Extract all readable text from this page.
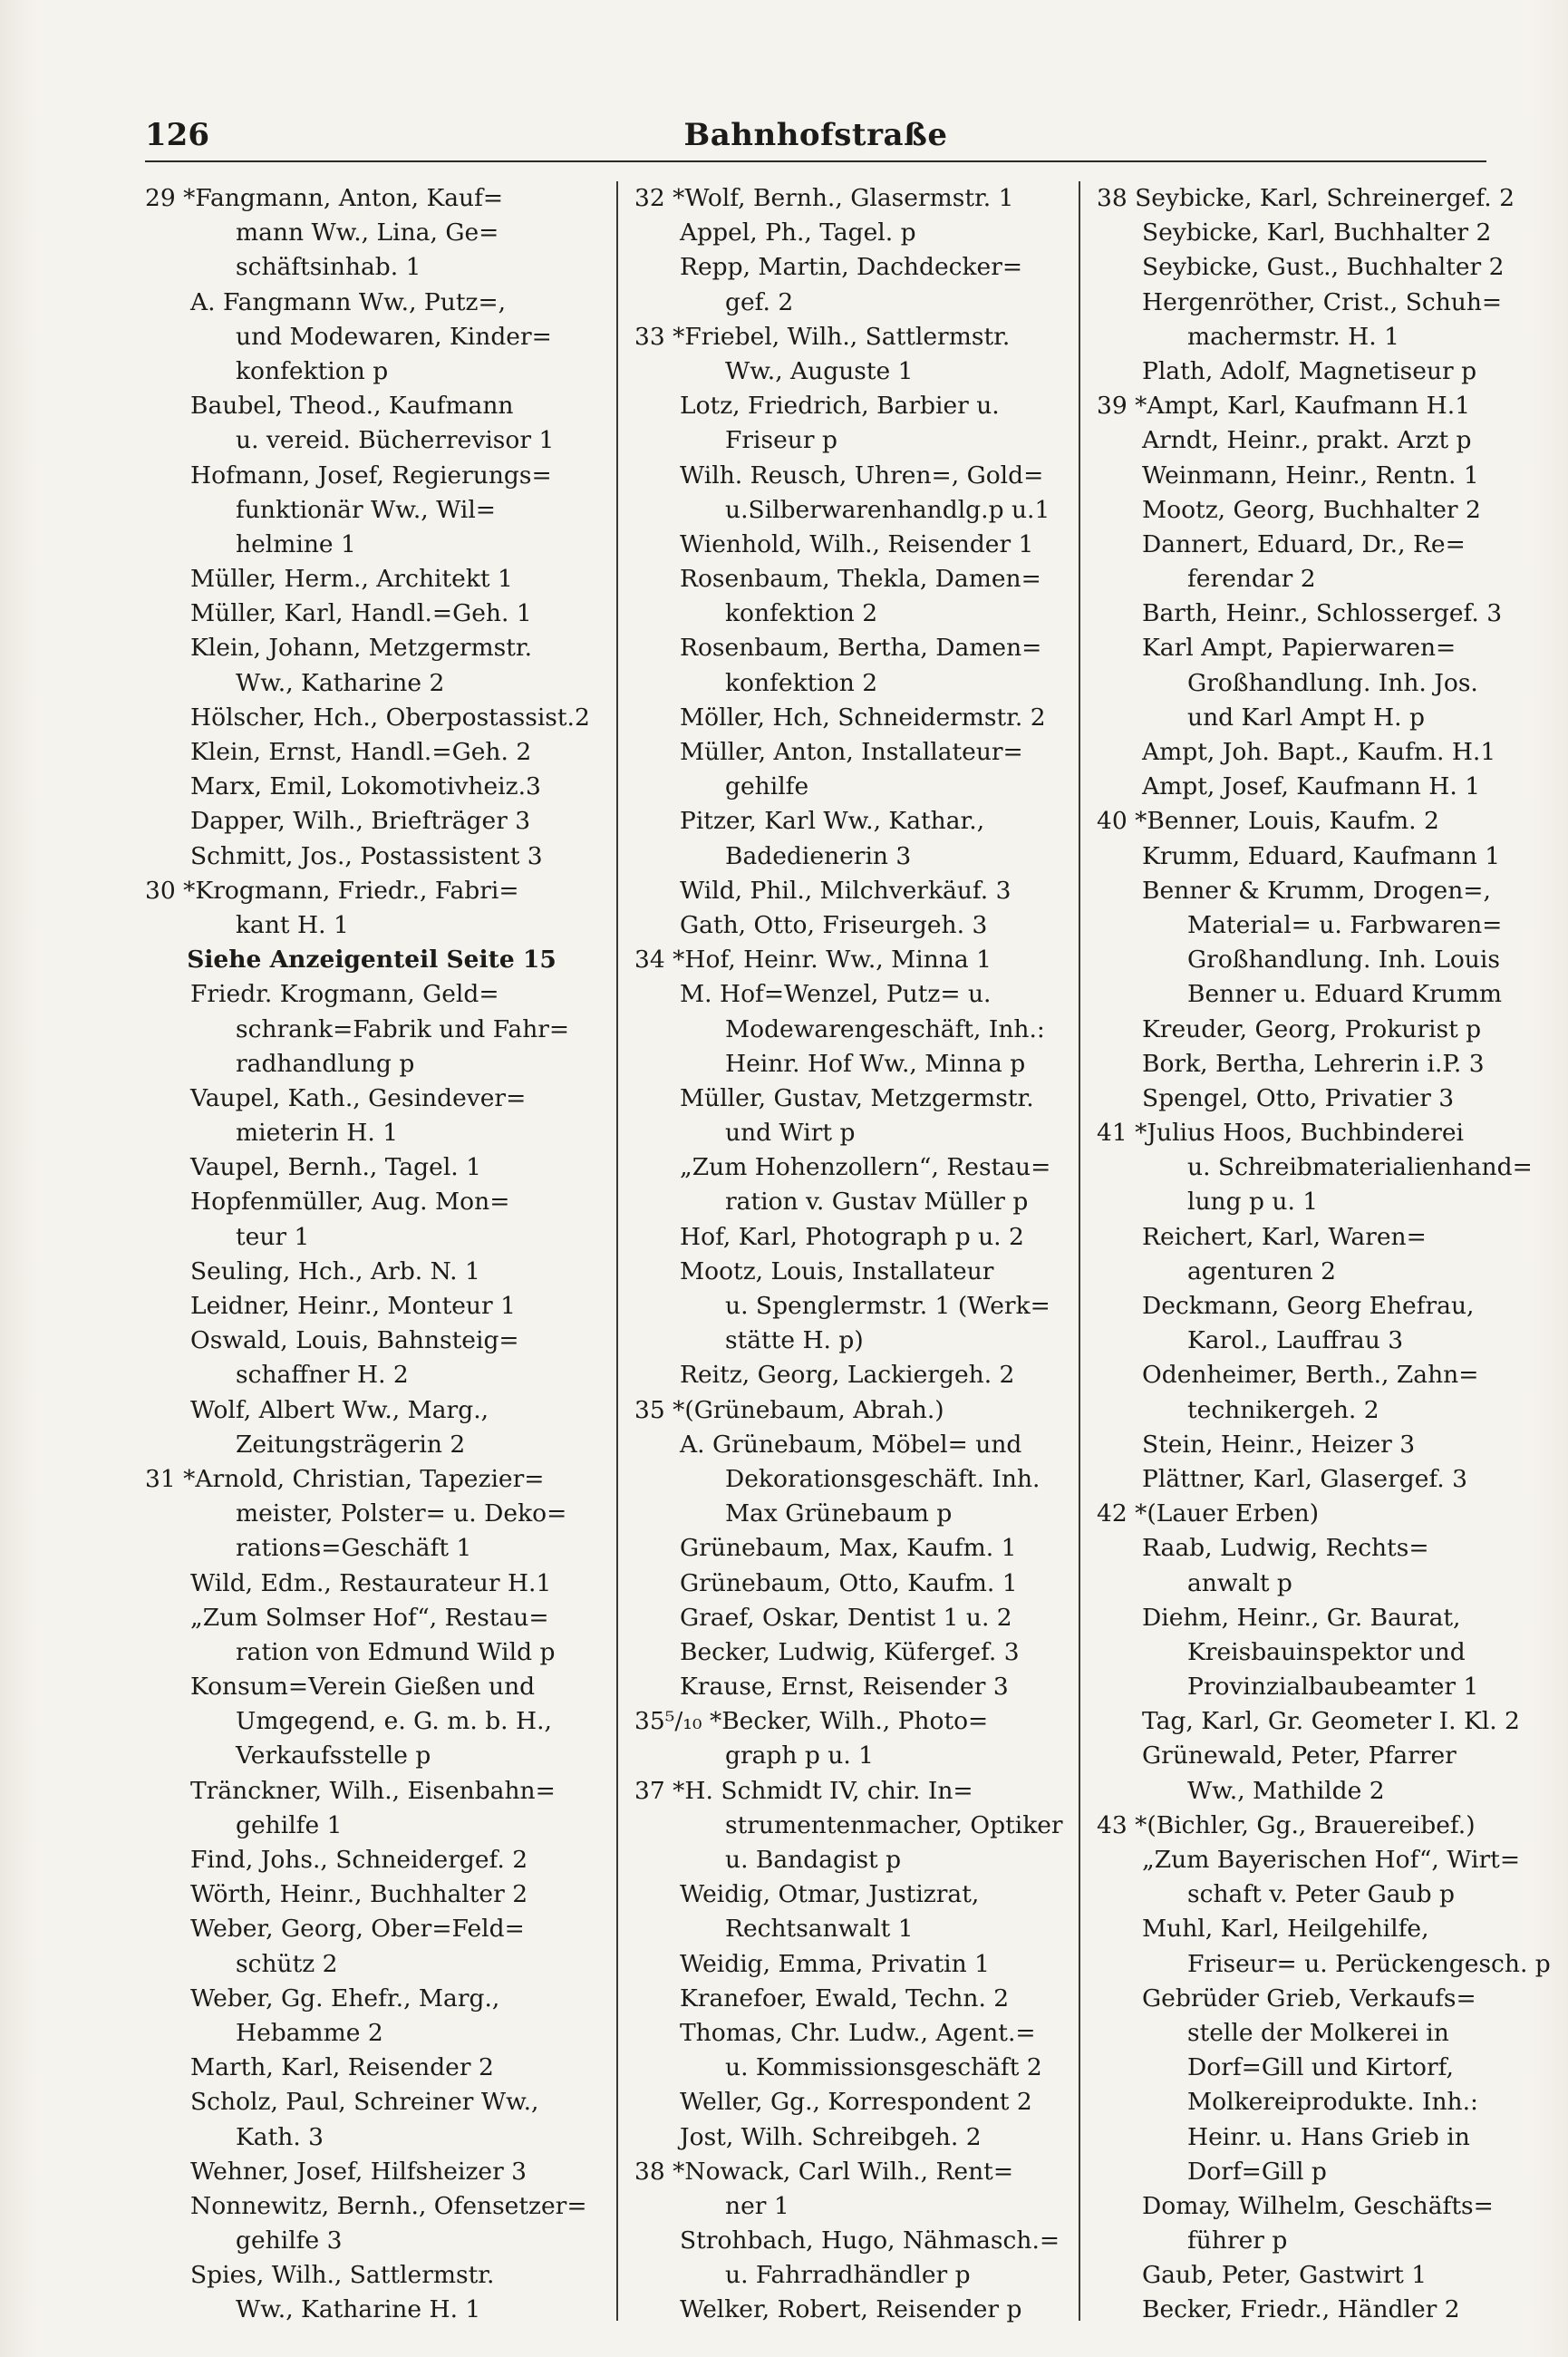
126	Bahnhofstraße
29 *Fangmann, Anton, Kauf=
mann Ww., Lina, Ge=
schäftsinhab. 1
A. Fangmann Ww., Putz=,
und Modewaren, Kinder=
konfektion p
Baubel, Theod., Kaufmann
u. vereid. Bücherrevisor 1
Hofmann, Josef, Regierungs=
funktionär Ww., Wil=
helmine 1
Müller, Herm., Architekt 1
Müller, Karl, Handl.=Geh. 1
Klein, Johann, Metzgermstr.
Ww., Katharine 2
Hölscher, Hch., Oberpostassist.2
Klein, Ernst, Handl.=Geh. 2
Marx, Emil, Lokomotivheiz.3
Dapper, Wilh., Briefträger 3
Schmitt, Jos., Postassistent 3
30 *Krogmann, Friedr., Fabri=
kant H. 1
Siehe Anzeigenteil Seite 15
Friedr. Krogmann, Geld=
schrank=Fabrik und Fahr=
radhandlung p
Vaupel, Kath., Gesindever=
mieterin H. 1
Vaupel, Bernh., Tagel. 1
Hopfenmüller, Aug. Mon=
teur 1
Seuling, Hch., Arb. N. 1
Leidner, Heinr., Monteur 1
Oswald, Louis, Bahnsteig=
schaffner H. 2
Wolf, Albert Ww., Marg.,
Zeitungsträgerin 2
31 *Arnold, Christian, Tapezier=
meister, Polster= u. Deko=
rations=Geschäft 1
Wild, Edm., Restaurateur H.1
„Zum Solmser Hof“, Restau=
ration von Edmund Wild p
Konsum=Verein Gießen und
Umgegend, e. G. m. b. H.,
Verkaufsstelle p
Tränckner, Wilh., Eisenbahn=
gehilfe 1
Find, Johs., Schneidergef. 2
Wörth, Heinr., Buchhalter 2
Weber, Georg, Ober=Feld=
schütz 2
Weber, Gg. Ehefr., Marg.,
Hebamme 2
Marth, Karl, Reisender 2
Scholz, Paul, Schreiner Ww.,
Kath. 3
Wehner, Josef, Hilfsheizer 3
Nonnewitz, Bernh., Ofensetzer=
gehilfe 3
Spies, Wilh., Sattlermstr.
Ww., Katharine H. 1
32 *Wolf, Bernh., Glasermstr. 1
Appel, Ph., Tagel. p
Repp, Martin, Dachdecker=
gef. 2
33 *Friebel, Wilh., Sattlermstr.
Ww., Auguste 1
Lotz, Friedrich, Barbier u.
Friseur p
Wilh. Reusch, Uhren=, Gold=
u.Silberwarenhandlg.p u.1
Wienhold, Wilh., Reisender 1
Rosenbaum, Thekla, Damen=
konfektion 2
Rosenbaum, Bertha, Damen=
konfektion 2
Möller, Hch, Schneidermstr. 2
Müller, Anton, Installateur=
gehilfe
Pitzer, Karl Ww., Kathar.,
Badedienerin 3
Wild, Phil., Milchverkäuf. 3
Gath, Otto, Friseurgeh. 3
34 *Hof, Heinr. Ww., Minna 1
M. Hof=Wenzel, Putz= u.
Modewarengeschäft, Inh.:
Heinr. Hof Ww., Minna p
Müller, Gustav, Metzgermstr.
und Wirt p
„Zum Hohenzollern“, Restau=
ration v. Gustav Müller p
Hof, Karl, Photograph p u. 2
Mootz, Louis, Installateur
u. Spenglermstr. 1 (Werk=
stätte H. p)
Reitz, Georg, Lackiergeh. 2
35 *(Grünebaum, Abrah.)
A. Grünebaum, Möbel= und
Dekorationsgeschäft. Inh.
Max Grünebaum p
Grünebaum, Max, Kaufm. 1
Grünebaum, Otto, Kaufm. 1
Graef, Oskar, Dentist 1 u. 2
Becker, Ludwig, Küfergef. 3
Krause, Ernst, Reisender 3
35⁵/₁₀ *Becker, Wilh., Photo=
graph p u. 1
37 *H. Schmidt IV, chir. In=
strumentenmacher, Optiker
u. Bandagist p
Weidig, Otmar, Justizrat,
Rechtsanwalt 1
Weidig, Emma, Privatin 1
Kranefoer, Ewald, Techn. 2
Thomas, Chr. Ludw., Agent.=
u. Kommissionsgeschäft 2
Weller, Gg., Korrespondent 2
Jost, Wilh. Schreibgeh. 2
38 *Nowack, Carl Wilh., Rent=
ner 1
Strohbach, Hugo, Nähmasch.=
u. Fahrradhändler p
Welker, Robert, Reisender p
38 Seybicke, Karl, Schreinergef. 2
Seybicke, Karl, Buchhalter 2
Seybicke, Gust., Buchhalter 2
Hergenröther, Crist., Schuh=
machermstr. H. 1
Plath, Adolf, Magnetiseur p
39 *Ampt, Karl, Kaufmann H.1
Arndt, Heinr., prakt. Arzt p
Weinmann, Heinr., Rentn. 1
Mootz, Georg, Buchhalter 2
Dannert, Eduard, Dr., Re=
ferendar 2
Barth, Heinr., Schlossergef. 3
Karl Ampt, Papierwaren=
Großhandlung. Inh. Jos.
und Karl Ampt H. p
Ampt, Joh. Bapt., Kaufm. H.1
Ampt, Josef, Kaufmann H. 1
40 *Benner, Louis, Kaufm. 2
Krumm, Eduard, Kaufmann 1
Benner & Krumm, Drogen=,
Material= u. Farbwaren=
Großhandlung. Inh. Louis
Benner u. Eduard Krumm
Kreuder, Georg, Prokurist p
Bork, Bertha, Lehrerin i.P. 3
Spengel, Otto, Privatier 3
41 *Julius Hoos, Buchbinderei
u. Schreibmaterialienhand=
lung p u. 1
Reichert, Karl, Waren=
agenturen 2
Deckmann, Georg Ehefrau,
Karol., Lauffrau 3
Odenheimer, Berth., Zahn=
technikergeh. 2
Stein, Heinr., Heizer 3
Plättner, Karl, Glasergef. 3
42 *(Lauer Erben)
Raab, Ludwig, Rechts=
anwalt p
Diehm, Heinr., Gr. Baurat,
Kreisbauinspektor und
Provinzialbaubeamter 1
Tag, Karl, Gr. Geometer I. Kl. 2
Grünewald, Peter, Pfarrer
Ww., Mathilde 2
43 *(Bichler, Gg., Brauereibef.)
„Zum Bayerischen Hof“, Wirt=
schaft v. Peter Gaub p
Muhl, Karl, Heilgehilfe,
Friseur= u. Perückengesch. p
Gebrüder Grieb, Verkaufs=
stelle der Molkerei in
Dorf=Gill und Kirtorf,
Molkereiprodukte. Inh.:
Heinr. u. Hans Grieb in
Dorf=Gill p
Domay, Wilhelm, Geschäfts=
führer p
Gaub, Peter, Gastwirt 1
Becker, Friedr., Händler 2
